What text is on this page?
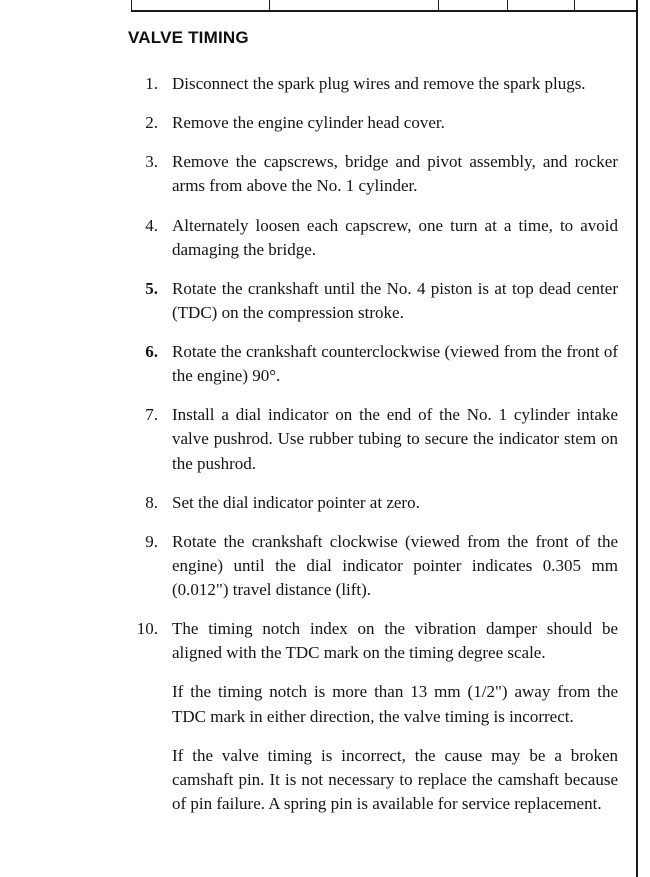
VALVE TIMING
1. Disconnect the spark plug wires and remove the spark plugs.

2. Remove the engine cylinder head cover.

3. Remove the capscrews, bridge and pivot assembly, and rocker arms from above the No. 1 cylinder.

4. Alternately loosen each capscrew, one turn at a time, to avoid damaging the bridge.

5. Rotate the crankshaft until the No. 4 piston is at top dead center (TDC) on the compression stroke.

6. Rotate the crankshaft counterclockwise (viewed from the front of the engine) 90°.

7. Install a dial indicator on the end of the No. 1 cylinder intake valve pushrod. Use rubber tubing to secure the indicator stem on the pushrod.

8. Set the dial indicator pointer at zero.

9. Rotate the crankshaft clockwise (viewed from the front of the engine) until the dial indicator pointer indicates 0.305 mm (0.012") travel distance (lift).

10. The timing notch index on the vibration damper should be aligned with the TDC mark on the timing degree scale.

If the timing notch is more than 13 mm (1/2") away from the TDC mark in either direction, the valve timing is incorrect.

If the valve timing is incorrect, the cause may be a broken camshaft pin. It is not necessary to replace the camshaft because of pin failure. A spring pin is available for service replacement.
